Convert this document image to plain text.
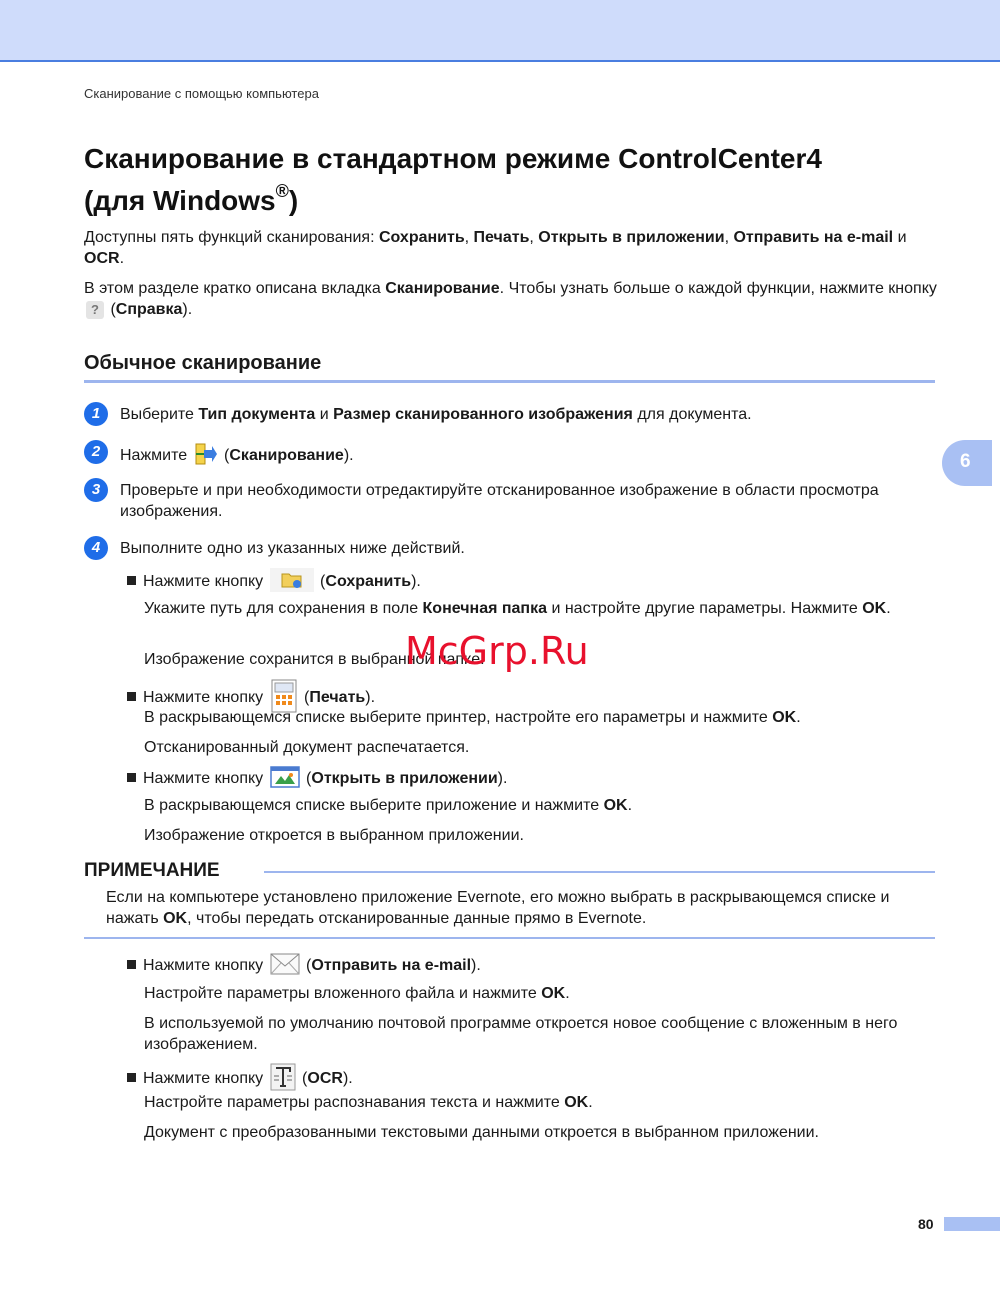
Сканирование с помощью компьютера
Сканирование в стандартном режиме ControlCenter4
(для Windows®)

Доступны пять функций сканирования: Сохранить, Печать, Открыть в приложении, Отправить на e-mail и OCR.

В этом разделе кратко описана вкладка Сканирование. Чтобы узнать больше о каждой функции, нажмите кнопку ? (Справка).

Обычное сканирование
6
1	Выберите Тип документа и Размер сканированного изображения для документа.
2	Нажмите  (Сканирование).
3	Проверьте и при необходимости отредактируйте отсканированное изображение в области просмотра изображения.
4	Выполните одно из указанных ниже действий.
Нажмите кнопку	(Сохранить).
Укажите путь для сохранения в поле Конечная папка и настройте другие параметры. Нажмите OK.
Изображение сохранится в выбранной папке.
Нажмите кнопку  (Печать).
В раскрывающемся списке выберите принтер, настройте его параметры и нажмите OK.
Отсканированный документ распечатается.
Нажмите кнопку  (Открыть в приложении).
В раскрывающемся списке выберите приложение и нажмите OK.
Изображение откроется в выбранном приложении.
ПРИМЕЧАНИЕ
Если на компьютере установлено приложение Evernote, его можно выбрать в раскрывающемся списке и нажать OK, чтобы передать отсканированные данные прямо в Evernote.
Нажмите кнопку  (Отправить на e-mail).
Настройте параметры вложенного файла и нажмите OK.
В используемой по умолчанию почтовой программе откроется новое сообщение с вложенным в него изображением.
Нажмите кнопку  (OCR).
Настройте параметры распознавания текста и нажмите OK.
Документ с преобразованными текстовыми данными откроется в выбранном приложении.
McGrp.Ru
80
